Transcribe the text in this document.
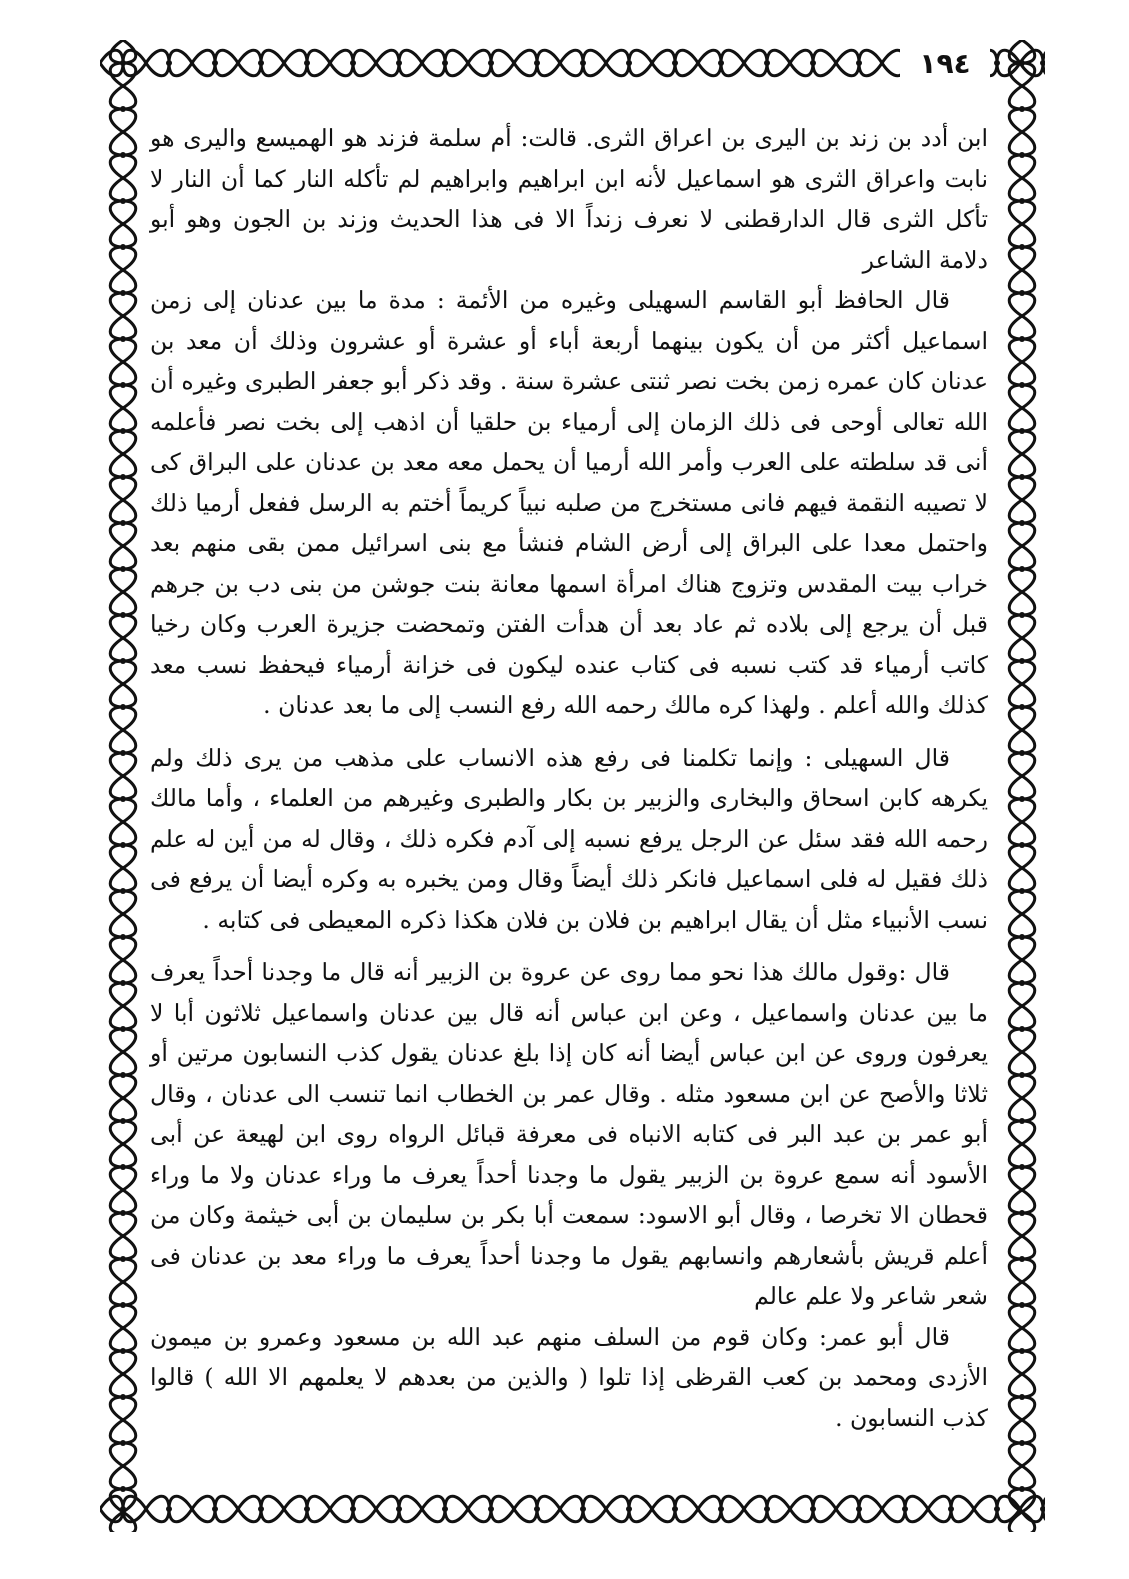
١٩٤

ابن أدد بن زند بن اليرى بن اعراق الثرى. قالت: أم سلمة فزند هو الهميسع واليرى هو نابت واعراق الثرى هو اسماعيل لأنه ابن ابراهيم وابراهيم لم تأكله النار كما أن النار لا تأكل الثرى قال الدارقطنى لا نعرف زنداً الا فى هذا الحديث وزند بن الجون وهو أبو دلامة الشاعر

قال الحافظ أبو القاسم السهيلى وغيره من الأئمة : مدة ما بين عدنان إلى زمن اسماعيل أكثر من أن يكون بينهما أربعة أباء أو عشرة أو عشرون وذلك أن معد بن عدنان كان عمره زمن بخت نصر ثنتى عشرة سنة . وقد ذكر أبو جعفر الطبرى وغيره أن الله تعالى أوحى فى ذلك الزمان إلى أرمياء بن حلقيا أن اذهب إلى بخت نصر فأعلمه أنى قد سلطته على العرب وأمر الله أرميا أن يحمل معه معد بن عدنان على البراق كى لا تصيبه النقمة فيهم فانى مستخرج من صلبه نبياً كريماً أختم به الرسل ففعل أرميا ذلك واحتمل معدا على البراق إلى أرض الشام فنشأ مع بنى اسرائيل ممن بقى منهم بعد خراب بيت المقدس وتزوج هناك امرأة اسمها معانة بنت جوشن من بنى دب بن جرهم قبل أن يرجع إلى بلاده ثم عاد بعد أن هدأت الفتن وتمحضت جزيرة العرب وكان رخيا كاتب أرمياء قد كتب نسبه فى كتاب عنده ليكون فى خزانة أرمياء فيحفظ نسب معد كذلك والله أعلم . ولهذا كره مالك رحمه الله رفع النسب إلى ما بعد عدنان .

قال السهيلى : وإنما تكلمنا فى رفع هذه الانساب على مذهب من يرى ذلك ولم يكرهه كابن اسحاق والبخارى والزبير بن بكار والطبرى وغيرهم من العلماء ، وأما مالك رحمه الله فقد سئل عن الرجل يرفع نسبه إلى آدم فكره ذلك ، وقال له من أين له علم ذلك فقيل له فلى اسماعيل فانكر ذلك أيضاً وقال ومن يخبره به وكره أيضا أن يرفع فى نسب الأنبياء مثل أن يقال ابراهيم بن فلان بن فلان هكذا ذكره المعيطى فى كتابه .

قال :وقول مالك هذا نحو مما روى عن عروة بن الزبير أنه قال ما وجدنا أحداً يعرف ما بين عدنان واسماعيل ، وعن ابن عباس أنه قال بين عدنان واسماعيل ثلاثون أبا لا يعرفون وروى عن ابن عباس أيضا أنه كان إذا بلغ عدنان يقول كذب النسابون مرتين أو ثلاثا والأصح عن ابن مسعود مثله . وقال عمر بن الخطاب انما تنسب الى عدنان ، وقال أبو عمر بن عبد البر فى كتابه الانباه فى معرفة قبائل الرواه روى ابن لهيعة عن أبى الأسود أنه سمع عروة بن الزبير يقول ما وجدنا أحداً يعرف ما وراء عدنان ولا ما وراء قحطان الا تخرصا ، وقال أبو الاسود: سمعت أبا بكر بن سليمان بن أبى خيثمة وكان من أعلم قريش بأشعارهم وانسابهم يقول ما وجدنا أحداً يعرف ما وراء معد بن عدنان فى شعر شاعر ولا علم عالم

قال أبو عمر: وكان قوم من السلف منهم عبد الله بن مسعود وعمرو بن ميمون الأزدى ومحمد بن كعب القرظى إذا تلوا ( والذين من بعدهم لا يعلمهم الا الله ) قالوا كذب النسابون .
